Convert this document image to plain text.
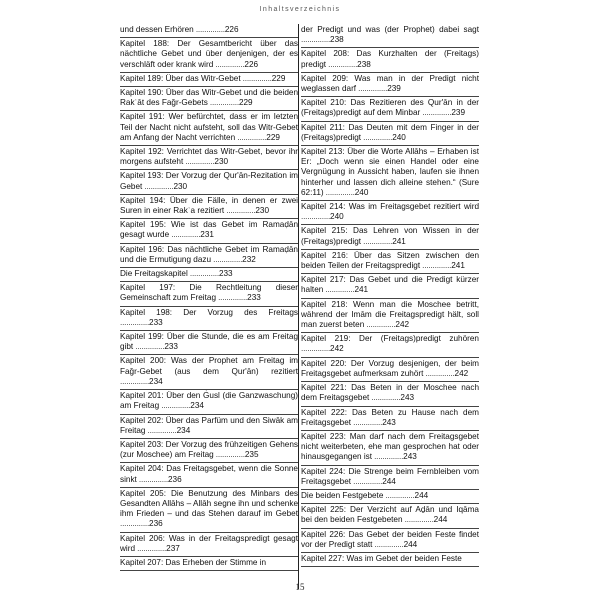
Inhaltsverzeichnis
und dessen Erhören ..............226
Kapitel 188: Der Gesamtbericht über das nächtliche Gebet und über denjenigen, der es verschläft oder krank wird ..............226
Kapitel 189: Über das Witr-Gebet ..............229
Kapitel 190: Über das Witr-Gebet und die beiden Rakʿāt des Faǧr-Gebets ..............229
Kapitel 191: Wer befürchtet, dass er im letzten Teil der Nacht nicht aufsteht, soll das Witr-Gebet am Anfang der Nacht verrichten ..............229
Kapitel 192: Verrichtet das Witr-Gebet, bevor ihr morgens aufsteht ..............230
Kapitel 193: Der Vorzug der Qur'ān-Rezitation im Gebet ..............230
Kapitel 194: Über die Fälle, in denen er zwei Suren in einer Rakʿa rezitiert ..............230
Kapitel 195: Wie ist das Gebet im Ramaḍān gesagt wurde ..............231
Kapitel 196: Das nächtliche Gebet im Ramaḍān und die Ermutigung dazu ..............232
Die Freitagskapitel ..............233
Kapitel 197: Die Rechtleitung dieser Gemeinschaft zum Freitag ..............233
Kapitel 198: Der Vorzug des Freitags ..............233
Kapitel 199: Über die Stunde, die es am Freitag gibt ..............233
Kapitel 200: Was der Prophet am Freitag im Faǧr-Gebet (aus dem Qur'ān) rezitiert ..............234
Kapitel 201: Über den Ġusl (die Ganzwaschung) am Freitag ..............234
Kapitel 202: Über das Parfüm und den Siwāk am Freitag ..............234
Kapitel 203: Der Vorzug des frühzeitigen Gehens (zur Moschee) am Freitag ..............235
Kapitel 204: Das Freitagsgebet, wenn die Sonne sinkt ..............236
Kapitel 205: Die Benutzung des Minbars des Gesandten Allāhs – Allāh segne ihn und schenke ihm Frieden – und das Stehen darauf im Gebet ..............236
Kapitel 206: Was in der Freitagspredigt gesagt wird ..............237
Kapitel 207: Das Erheben der Stimme in
der Predigt und was (der Prophet) dabei sagt ..............238
Kapitel 208: Das Kurzhalten der (Freitags) predigt ..............238
Kapitel 209: Was man in der Predigt nicht weglassen darf ..............239
Kapitel 210: Das Rezitieren des Qur'ān in der (Freitags)predigt auf dem Minbar ..............239
Kapitel 211: Das Deuten mit dem Finger in der (Freitags)predigt ..............240
Kapitel 213: Über die Worte Allāhs – Erhaben ist Er: „Doch wenn sie einen Handel oder eine Vergnügung in Aussicht haben, laufen sie ihnen hinterher und lassen dich alleine stehen.“ (Sure 62:11) ..............240
Kapitel 214: Was im Freitagsgebet rezitiert wird ..............240
Kapitel 215: Das Lehren von Wissen in der (Freitags)predigt ..............241
Kapitel 216: Über das Sitzen zwischen den beiden Teilen der Freitagspredigt ..............241
Kapitel 217: Das Gebet und die Predigt kürzer halten ..............241
Kapitel 218: Wenn man die Moschee betritt, während der Imām die Freitagspredigt hält, soll man zuerst beten ..............242
Kapitel 219: Der (Freitags)predigt zuhören ..............242
Kapitel 220: Der Vorzug desjenigen, der beim Freitagsgebet aufmerksam zuhört ..............242
Kapitel 221: Das Beten in der Moschee nach dem Freitagsgebet ..............243
Kapitel 222: Das Beten zu Hause nach dem Freitagsgebet ..............243
Kapitel 223: Man darf nach dem Freitagsgebet nicht weiterbeten, ehe man gesprochen hat oder hinausgegangen ist ..............243
Kapitel 224: Die Strenge beim Fernbleiben vom Freitagsgebet ..............244
Die beiden Festgebete ..............244
Kapitel 225: Der Verzicht auf Aḏān und Iqāma bei den beiden Festgebeten ..............244
Kapitel 226: Das Gebet der beiden Feste findet vor der Predigt statt ..............244
Kapitel 227: Was im Gebet der beiden Feste
15
